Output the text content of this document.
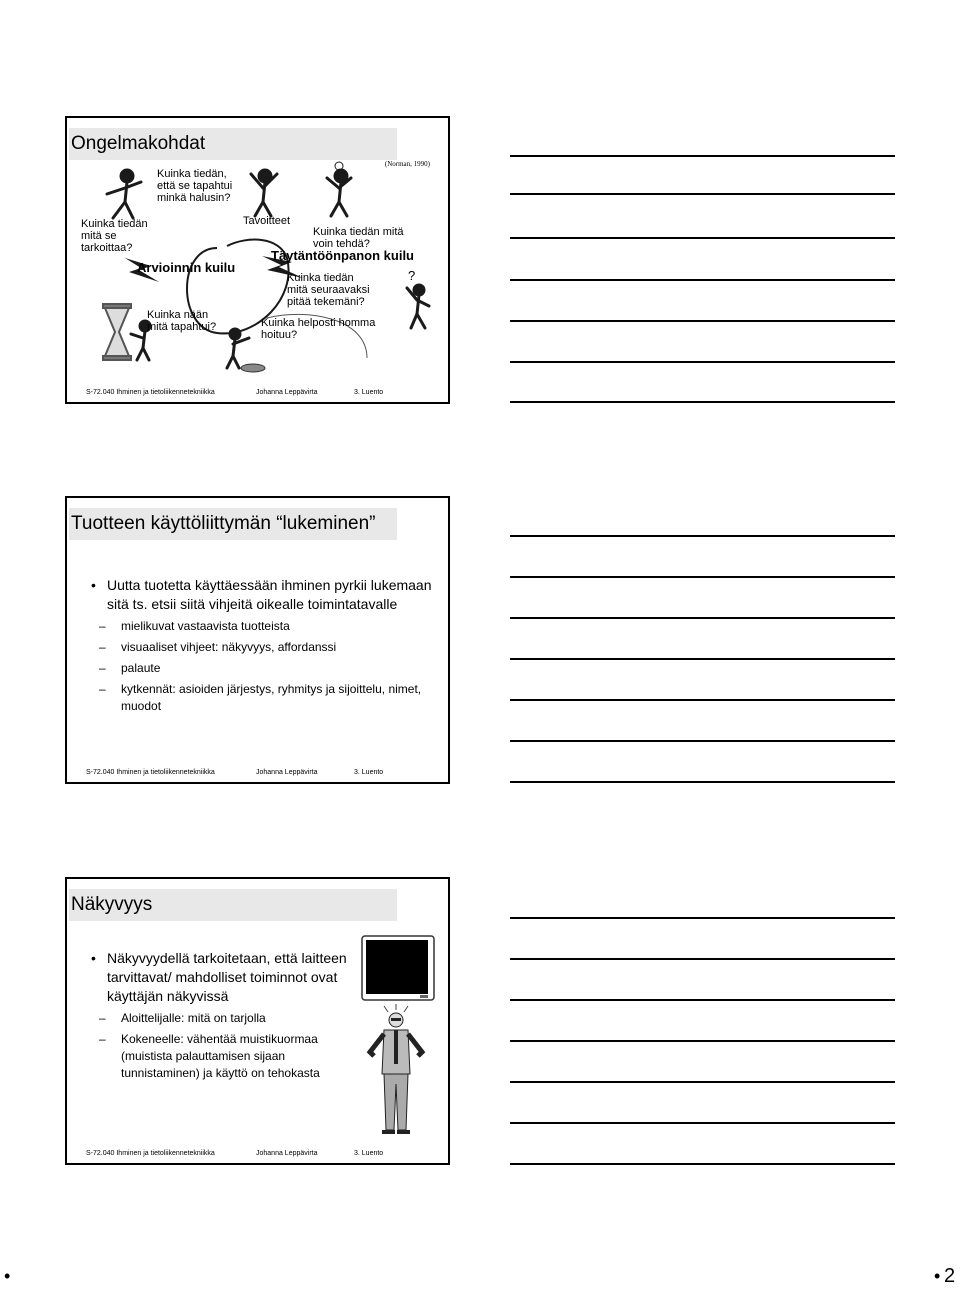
Ongelmakohdat
(Norman, 1990)
Kuinka tiedän,
että se tapahtui
minkä halusin?
Kuinka tiedän
mitä se
tarkoittaa?
Tavoitteet
Kuinka tiedän mitä
voin tehdä?
Täytäntöönpanon kuilu
Arvioinnin kuilu
Kuinka tiedän
mitä seuraavaksi
pitää tekemäni?
Kuinka nään
mitä tapahtui?	Kuinka helposti homma
hoituu?
?
S-72.040 Ihminen ja tietoliikennetekniikka	Johanna Leppävirta	3. Luento
Tuotteen käyttöliittymän “lukeminen”
• Uutta tuotetta käyttäessään ihminen pyrkii lukemaan sitä ts. etsii siitä vihjeitä oikealle toimintatavalle
– mielikuvat vastaavista tuotteista
– visuaaliset vihjeet: näkyvyys, affordanssi
– palaute
– kytkennät: asioiden järjestys, ryhmitys ja sijoittelu, nimet, muodot
S-72.040 Ihminen ja tietoliikennetekniikka	Johanna Leppävirta	3. Luento
Näkyvyys
• Näkyvyydellä tarkoitetaan, että laitteen tarvittavat/ mahdolliset toiminnot ovat käyttäjän näkyvissä
– Aloittelijalle: mitä on tarjolla
– Kokeneelle: vähentää muistikuormaa (muistista palauttamisen sijaan tunnistaminen) ja käyttö on tehokasta
S-72.040 Ihminen ja tietoliikennetekniikka	Johanna Leppävirta	3. Luento
•	• 2
